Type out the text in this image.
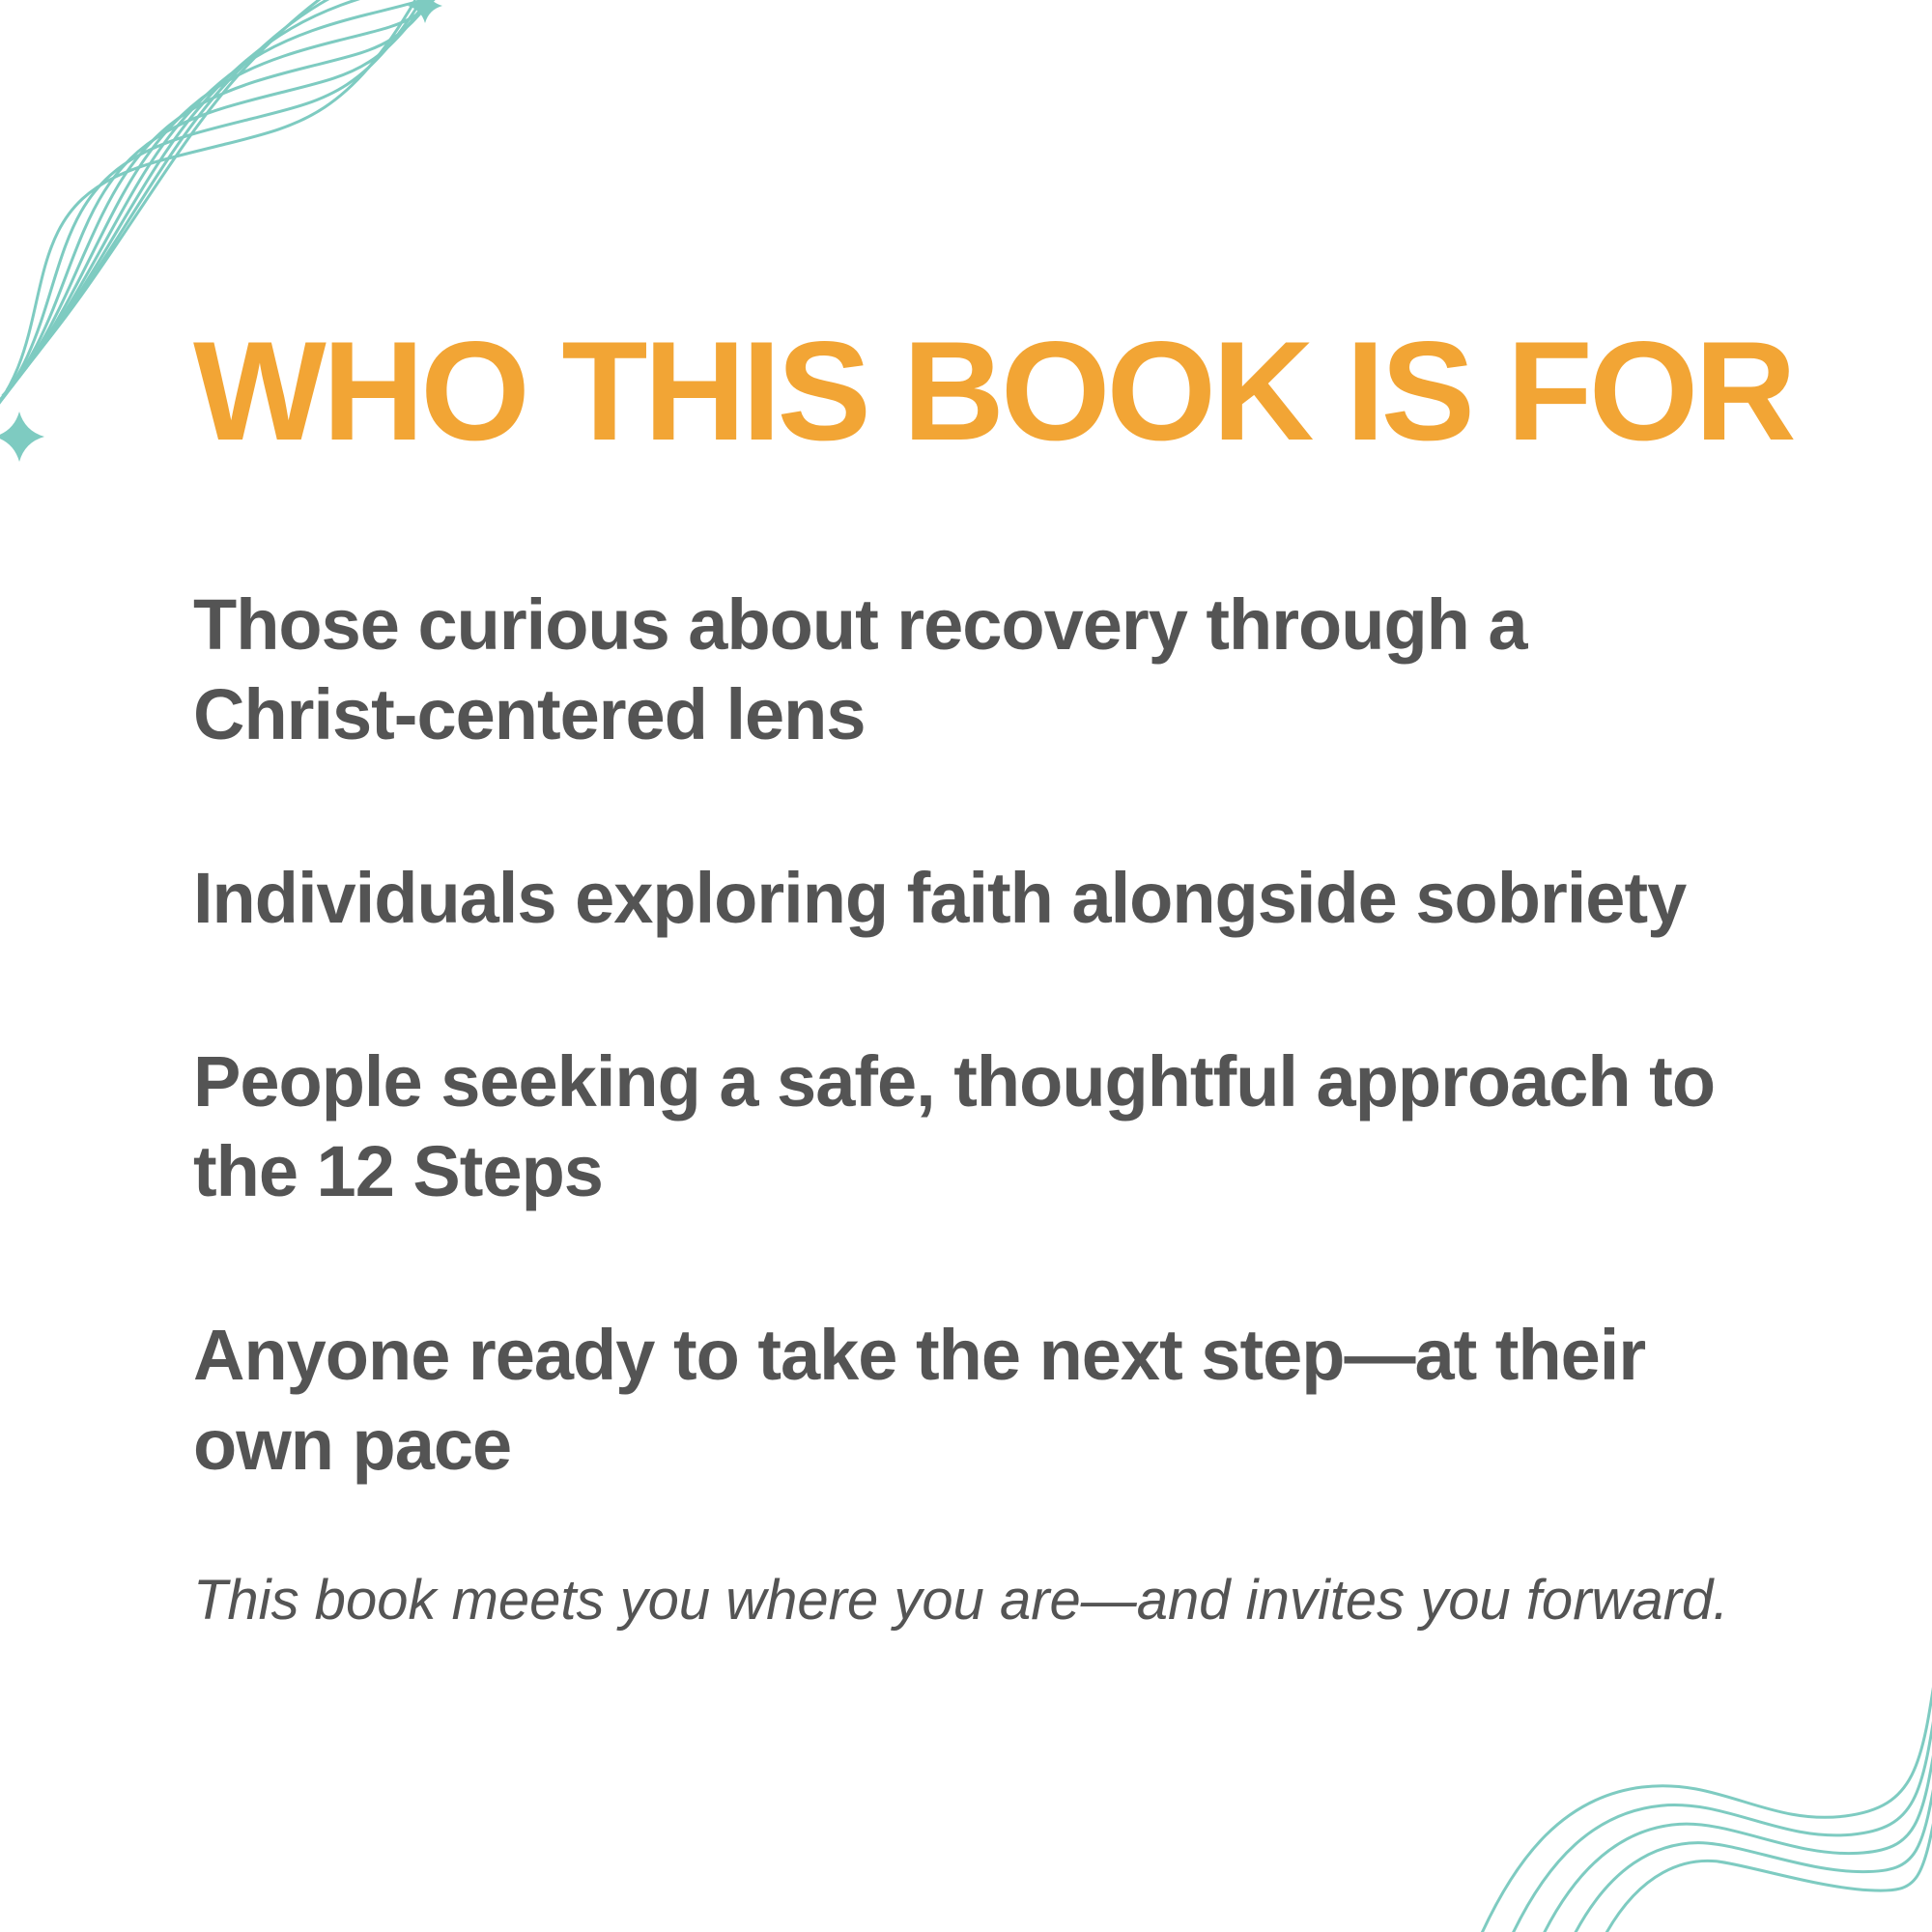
WHO THIS BOOK IS FOR
Those curious about recovery through a Christ-centered lens
Individuals exploring faith alongside sobriety
People seeking a safe, thoughtful approach to the 12 Steps
Anyone ready to take the next step—at their own pace

This book meets you where you are—and invites you forward.
